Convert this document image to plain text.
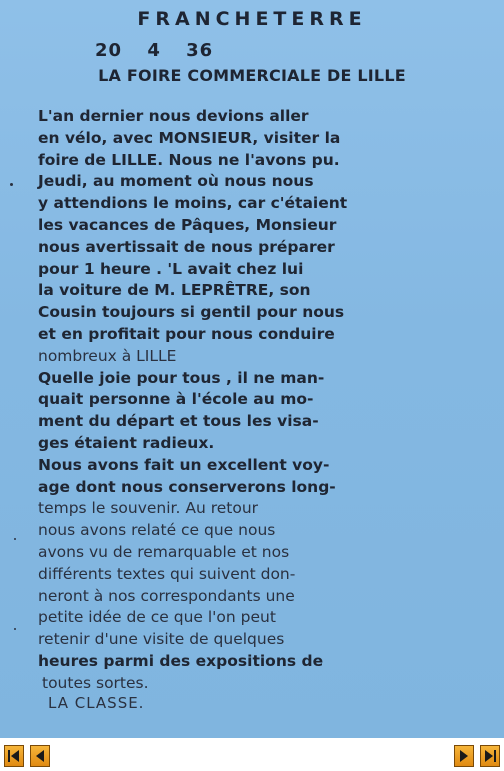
FRANCHETERRE
20 4 36
LA FOIRE COMMERCIALE DE LILLE
L'an dernier nous devions aller
en vélo, avec MONSIEUR, visiter la
foire de LILLE. Nous ne l'avons pu.
Jeudi, au moment où nous nous
y attendions le moins, car c'étaient
les vacances de Pâques, Monsieur
nous avertissait de nous préparer
pour 1 heure . 'L avait chez lui
la voiture de M. LEPRÊTRE, son
Cousin toujours si gentil pour nous
et en profitait pour nous conduire
nombreux à LILLE
Quelle joie pour tous , il ne man-
quait personne à l'école au mo-
ment du départ et tous les visa-
ges étaient radieux.
Nous avons fait un excellent voy-
age dont nous conserverons long-
temps le souvenir. Au retour
nous avons relaté ce que nous
avons vu de remarquable et nos
différents textes qui suivent don-
neront à nos correspondants une
petite idée de ce que l'on peut
retenir d'une visite de quelques
heures parmi des expositions de
toutes sortes.
LA CLASSE.
